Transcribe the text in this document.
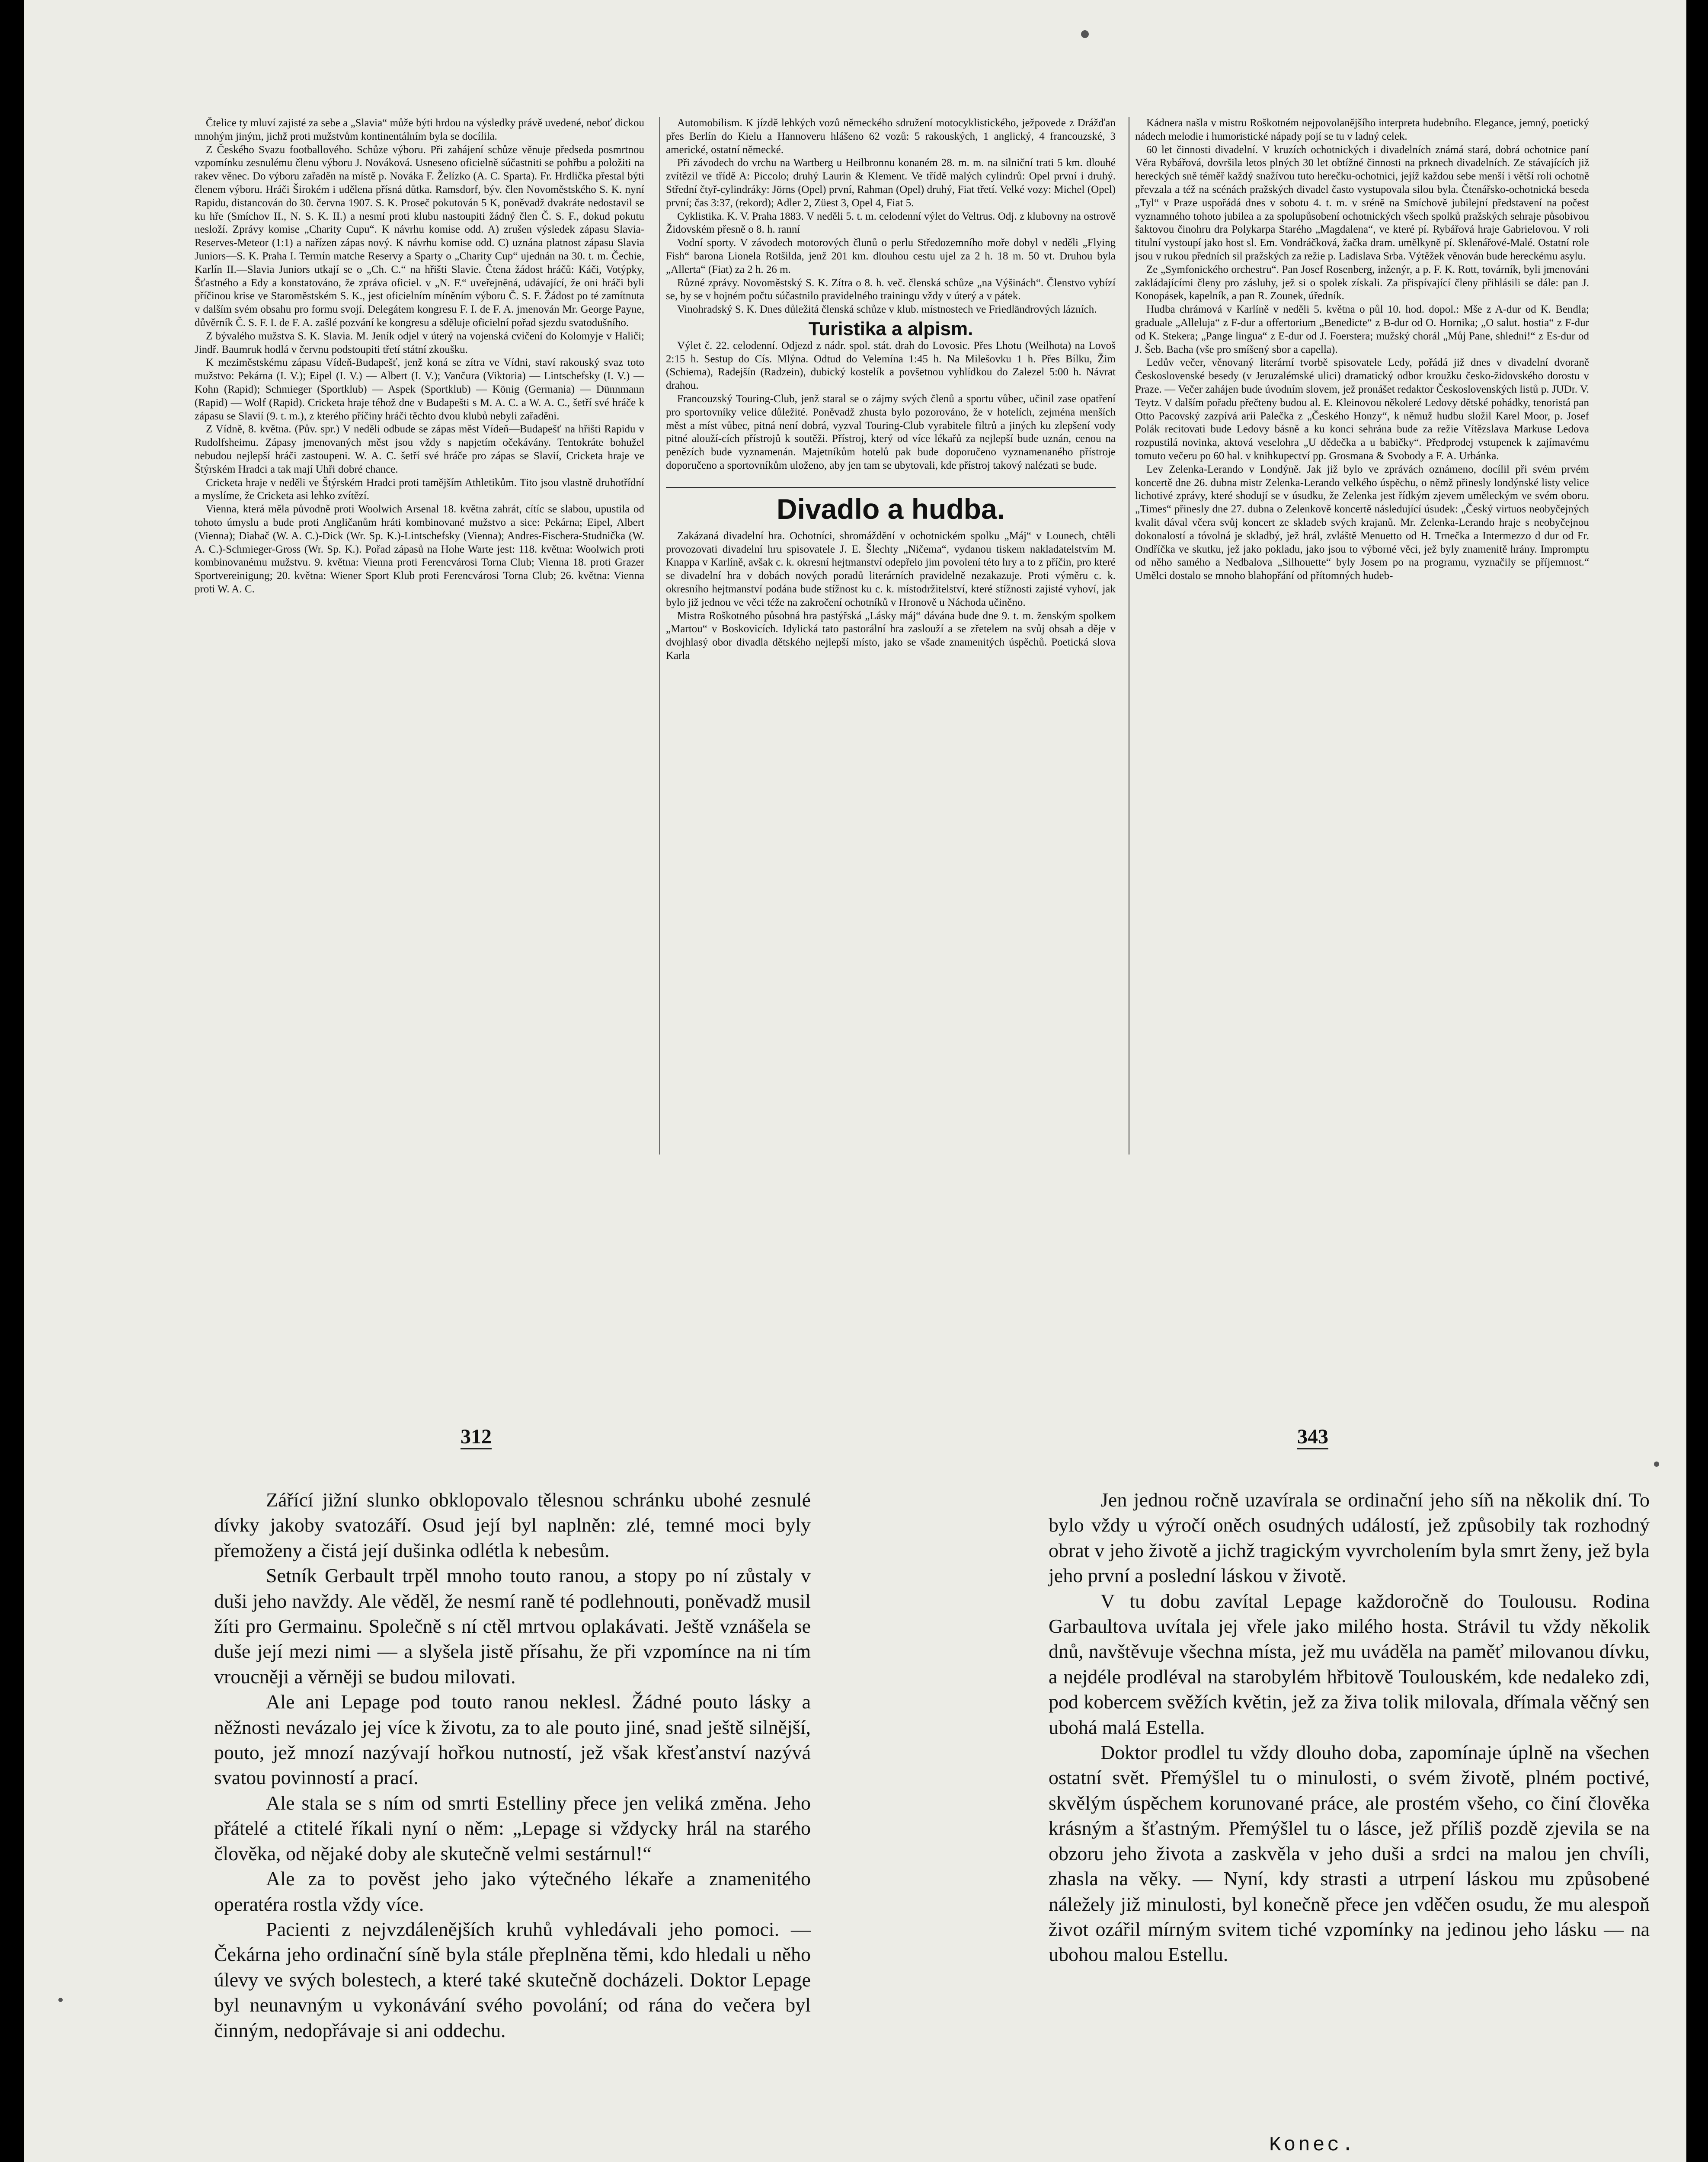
Čtelice ty mluví zajisté za sebe a „Slavia“ může býti hrdou na výsledky právě uvedené, neboť dickou mnohým jiným, jichž proti mužstvům kontinentálním byla se docílila.

Z Českého Svazu footballového. Schůze výboru. Při zahájení schůze věnuje předseda posmrtnou vzpomínku zesnulému členu výboru J. Nováková. Usneseno oficielně súčastniti se pohřbu a položiti na rakev věnec. Do výboru zařaděn na místě p. Nováka F. Želízko (A. C. Sparta). Fr. Hrdlička přestal býti členem výboru. Hráči Širokém i udělena přísná důtka. Ramsdorf, býv. člen Novoměstského S. K. nyní Rapidu, distancován do 30. června 1907. S. K. Proseč pokutován 5 K, poněvadž dvakráte nedostavil se ku hře (Smíchov II., N. S. K. II.) a nesmí proti klubu nastoupiti žádný člen Č. S. F., dokud pokutu nesloží. Zprávy komise „Charity Cupu“. K návrhu komise odd. A) zrušen výsledek zápasu Slavia-Reserves-Meteor (1:1) a nařízen zápas nový. K návrhu komise odd. C) uznána platnost zápasu Slavia Juniors—S. K. Praha I. Termín matche Reservy a Sparty o „Charity Cup“ ujednán na 30. t. m. Čechie, Karlín II.—Slavia Juniors utkají se o „Ch. C.“ na hřišti Slavie. Čtena žádost hráčů: Káči, Votýpky, Šťastného a Edy a konstatováno, že zpráva oficiel. v „N. F.“ uveřejněná, udávající, že oni hráči byli příčinou krise ve Staroměstském S. K., jest oficielním míněním výboru Č. S. F. Žádost po té zamítnuta v dalším svém obsahu pro formu svojí. Delegátem kongresu F. I. de F. A. jmenován Mr. George Payne, důvěrník Č. S. F. I. de F. A. zašlé pozvání ke kongresu a sděluje oficielní pořad sjezdu svatodušního.

Z bývalého mužstva S. K. Slavia. M. Jeník odjel v úterý na vojenská cvičení do Kolomyje v Haliči; Jindř. Baumruk hodlá v červnu podstoupiti třetí státní zkoušku.

K meziměstskému zápasu Vídeň-Budapešť, jenž koná se zítra ve Vídni, staví rakouský svaz toto mužstvo: Pekárna (I. V.); Eipel (I. V.) — Albert (I. V.); Vančura (Viktoria) — Lintschefsky (I. V.) — Kohn (Rapid); Schmieger (Sportklub) — Aspek (Sportklub) — König (Germania) — Dünnmann (Rapid) — Wolf (Rapid). Cricketa hraje téhož dne v Budapešti s M. A. C. a W. A. C., šetří své hráče k zápasu se Slavií (9. t. m.), z kterého příčiny hráči těchto dvou klubů nebyli zařaděni.

Z Vídně, 8. května. (Pův. spr.) V neděli odbude se zápas měst Vídeň—Budapešť na hřišti Rapidu v Rudolfsheimu. Zápasy jmenovaných měst jsou vždy s napjetím očekávány. Tentokráte bohužel nebudou nejlepší hráči zastoupeni. W. A. C. šetří své hráče pro zápas se Slavií, Cricketa hraje ve Štýrském Hradci a tak mají Uhři dobré chance.

Cricketa hraje v neděli ve Štýrském Hradci proti tamějším Athletikům. Tito jsou vlastně druhotřídní a myslíme, že Cricketa asi lehko zvítězí.

Vienna, která měla původně proti Woolwich Arsenal 18. května zahrát, cítíc se slabou, upustila od tohoto úmyslu a bude proti Angličanům hráti kombinované mužstvo a sice: Pekárna; Eipel, Albert (Vienna); Diabač (W. A. C.)-Dick (Wr. Sp. K.)-Lintschefsky (Vienna); Andres-Fischera-Studnička (W. A. C.)-Schmieger-Gross (Wr. Sp. K.). Pořad zápasů na Hohe Warte jest: 118. května: Woolwich proti kombinovanému mužstvu. 9. května: Vienna proti Ferencvárosi Torna Club; Vienna 18. proti Grazer Sportvereinigung; 20. května: Wiener Sport Klub proti Ferencvárosi Torna Club; 26. května: Vienna proti W. A. C.

Automobilism. K jízdě lehkých vozů německého sdružení motocyklistického, ježpovede z Drážďan přes Berlín do Kielu a Hannoveru hlášeno 62 vozů: 5 rakouských, 1 anglický, 4 francouzské, 3 americké, ostatní německé.

Při závodech do vrchu na Wartberg u Heilbronnu konaném 28. m. m. na silniční trati 5 km. dlouhé zvítězil ve třídě A: Piccolo; druhý Laurin & Klement. Ve třídě malých cylindrů: Opel první i druhý. Střední čtyř-cylindráky: Jörns (Opel) první, Rahman (Opel) druhý, Fiat třetí. Velké vozy: Michel (Opel) první; čas 3:37, (rekord); Adler 2, Züest 3, Opel 4, Fiat 5.

Cyklistika. K. V. Praha 1883. V neděli 5. t. m. celodenní výlet do Veltrus. Odj. z klubovny na ostrově Židovském přesně o 8. h. ranní

Vodní sporty. V závodech motorových člunů o perlu Středozemního moře dobyl v neděli „Flying Fish“ barona Lionela Rotšilda, jenž 201 km. dlouhou cestu ujel za 2 h. 18 m. 50 vt. Druhou byla „Allerta“ (Fiat) za 2 h. 26 m.

Různé zprávy. Novoměstský S. K. Zítra o 8. h. več. členská schůze „na Výšinách“. Členstvo vybízí se, by se v hojném počtu súčastnilo pravidelného trainingu vždy v úterý a v pátek.

Vinohradský S. K. Dnes důležitá členská schůze v klub. místnostech ve Friedländrových lázních.

Turistika a alpism.

Výlet č. 22. celodenní. Odjezd z nádr. spol. stát. drah do Lovosic. Přes Lhotu (Weilhota) na Lovoš 2:15 h. Sestup do Cís. Mlýna. Odtud do Velemína 1:45 h. Na Milešovku 1 h. Přes Bílku, Žim (Schiema), Radejšín (Radzein), dubický kostelík a povšetnou vyhlídkou do Zalezel 5:00 h. Návrat drahou.

Francouzský Touring-Club, jenž staral se o zájmy svých členů a sportu vůbec, učinil zase opatření pro sportovníky velice důležité. Poněvadž zhusta bylo pozorováno, že v hotelích, zejména menších měst a míst vůbec, pitná není dobrá, vyzval Touring-Club vyrabitele filtrů a jiných ku zlepšení vody pitné alouží-cích přístrojů k soutěži. Přístroj, který od více lékařů za nejlepší bude uznán, cenou na penězích bude vyznamenán. Majetníkům hotelů pak bude doporučeno vyznamenaného přístroje doporučeno a sportovníkům uloženo, aby jen tam se ubytovali, kde přístroj takový nalézati se bude.

Divadlo a hudba.

Zakázaná divadelní hra. Ochotníci, shromáždění v ochotnickém spolku „Máj“ v Lounech, chtěli provozovati divadelní hru spisovatele J. E. Šlechty „Ničema“, vydanou tiskem nakladatelstvím M. Knappa v Karlíně, avšak c. k. okresní hejtmanství odepřelo jim povolení této hry a to z příčin, pro které se divadelní hra v dobách nových poradů literárních pravidelně nezakazuje. Proti výměru c. k. okresního hejtmanství podána bude stížnost ku c. k. místodržitelství, které stížnosti zajisté vyhoví, jak bylo již jednou ve věci téže na zakročení ochotníků v Hronově u Náchoda učiněno.

Mistra Roškotného působná hra pastýřská „Lásky máj“ dávána bude dne 9. t. m. ženským spolkem „Martou“ v Boskovicích. Idylická tato pastorální hra zaslouží a se zřetelem na svůj obsah a děje v dvojhlasý obor divadla dětského nejlepší místo, jako se všade znamenitých úspěchů. Poetická slova Karla

Kádnera našla v mistru Roškotném nejpovolanějšího interpreta hudebního. Elegance, jemný, poetický nádech melodie i humoristické nápady pojí se tu v ladný celek.

60 let činnosti divadelní. V kruzích ochotnických i divadelních známá stará, dobrá ochotnice paní Věra Rybářová, dovršila letos plných 30 let obtížné činnosti na prknech divadelních. Ze stávajících již hereckých sně téměř každý snažívou tuto herečku-ochotnici, jejíž každou sebe menší i větší roli ochotně převzala a též na scénách pražských divadel často vystupovala silou byla. Čtenářsko-ochotnická beseda „Tyl“ v Praze uspořádá dnes v sobotu 4. t. m. v sréně na Smíchově jubilejní představení na počest vyznamného tohoto jubilea a za spolupůsobení ochotnických všech spolků pražských sehraje působivou šaktovou činohru dra Polykarpa Starého „Magdalena“, ve které pí. Rybářová hraje Gabrielovou. V roli titulní vystoupí jako host sl. Em. Vondráčková, žačka dram. umělkyně pí. Sklenářové-Malé. Ostatní role jsou v rukou předních sil pražských za režie p. Ladislava Srba. Výtěžek věnován bude hereckému asylu.

Ze „Symfonického orchestru“. Pan Josef Rosenberg, inženýr, a p. F. K. Rott, továrník, byli jmenováni zakládajícími členy pro zásluhy, jež si o spolek získali. Za přispívající členy přihlásili se dále: pan J. Konopásek, kapelník, a pan R. Zounek, úředník.

Hudba chrámová v Karlíně v neděli 5. května o půl 10. hod. dopol.: Mše z A-dur od K. Bendla; graduale „Alleluja“ z F-dur a offertorium „Benedicte“ z B-dur od O. Hornika; „O salut. hostia“ z F-dur od K. Stekera; „Pange lingua“ z E-dur od J. Foerstera; mužský chorál „Můj Pane, shledni!“ z Es-dur od J. Šeb. Bacha (vše pro smíšený sbor a capella).

Ledův večer, věnovaný literární tvorbě spisovatele Ledy, pořádá již dnes v divadelní dvoraně Československé besedy (v Jeruzalémské ulici) dramatický odbor kroužku česko-židovského dorostu v Praze. — Večer zahájen bude úvodním slovem, jež pronášet redaktor Československých listů p. JUDr. V. Teytz. V dalším pořadu přečteny budou al. E. Kleinovou několeré Ledovy dětské pohádky, tenoristá pan Otto Pacovský zazpívá arii Palečka z „Českého Honzy“, k němuž hudbu složil Karel Moor, p. Josef Polák recitovati bude Ledovy básně a ku konci sehrána bude za režie Vítězslava Markuse Ledova rozpustilá novinka, aktová veselohra „U dědečka a u babičky“. Předprodej vstupenek k zajímavému tomuto večeru po 60 hal. v knihkupectví pp. Grosmana & Svobody a F. A. Urbánka.

Lev Zelenka-Lerando v Londýně. Jak již bylo ve zprávách oznámeno, docílil při svém prvém koncertě dne 26. dubna mistr Zelenka-Lerando velkého úspěchu, o němž přinesly londýnské listy velice lichotivé zprávy, které shodují se v úsudku, že Zelenka jest řídkým zjevem uměleckým ve svém oboru. „Times“ přinesly dne 27. dubna o Zelenkově koncertě následující úsudek: „Český virtuos neobyčejných kvalit dával včera svůj koncert ze skladeb svých krajanů. Mr. Zelenka-Lerando hraje s neobyčejnou dokonalostí a tóvolná je skladbý, jež hrál, zvláště Menuetto od H. Trnečka a Intermezzo d dur od Fr. Ondříčka ve skutku, jež jako pokladu, jako jsou to výborné věci, jež byly znamenitě hrány. Impromptu od něho samého a Nedbalova „Silhouette“ byly Josem po na programu, vyznačily se příjemnost.“ Umělci dostalo se mnoho blahopřání od přítomných hudeb-

312	343

Zářící jižní slunko obklopovalo tělesnou schránku ubohé zesnulé dívky jakoby svatozáří. Osud její byl naplněn: zlé, temné moci byly přemoženy a čistá její dušinka odlétla k nebesům.

Setník Gerbault trpěl mnoho touto ranou, a stopy po ní zůstaly v duši jeho navždy. Ale věděl, že nesmí raně té podlehnouti, poněvadž musil žíti pro Germainu. Společně s ní ctěl mrtvou oplakávati. Ještě vznášela se duše její mezi nimi — a slyšela jistě přísahu, že při vzpomínce na ni tím vroucněji a věrněji se budou milovati.

Ale ani Lepage pod touto ranou neklesl. Žádné pouto lásky a něžnosti nevázalo jej více k životu, za to ale pouto jiné, snad ještě silnější, pouto, jež mnozí nazývají hořkou nutností, jež však křesťanství nazývá svatou povinností a prací.

Ale stala se s ním od smrti Estelliny přece jen veliká změna. Jeho přátelé a ctitelé říkali nyní o něm: „Lepage si vždycky hrál na starého člověka, od nějaké doby ale skutečně velmi sestárnul!“

Ale za to pověst jeho jako výtečného lékaře a znamenitého operatéra rostla vždy více.

Pacienti z nejvzdálenějších kruhů vyhledávali jeho pomoci. — Čekárna jeho ordinační síně byla stále přeplněna těmi, kdo hledali u něho úlevy ve svých bolestech, a které také skutečně docházeli. Doktor Lepage byl neunavným u vykonávání svého povolání; od rána do večera byl činným, nedopřávaje si ani oddechu.

Jen jednou ročně uzavírala se ordinační jeho síň na několik dní. To bylo vždy u výročí oněch osudných událostí, jež způsobily tak rozhodný obrat v jeho životě a jichž tragickým vyvrcholením byla smrt ženy, jež byla jeho první a poslední láskou v životě.

V tu dobu zavítal Lepage každoročně do Toulousu. Rodina Garbaultova uvítala jej vřele jako milého hosta. Strávil tu vždy několik dnů, navštěvuje všechna místa, jež mu uváděla na paměť milovanou dívku, a nejdéle prodléval na starobylém hřbitově Toulouském, kde nedaleko zdi, pod kobercem svěžích květin, jež za živa tolik milovala, dřímala věčný sen ubohá malá Estella.

Doktor prodlel tu vždy dlouho doba, zapomínaje úplně na všechen ostatní svět. Přemýšlel tu o minulosti, o svém životě, plném poctivé, skvělým úspěchem korunované práce, ale prostém všeho, co činí člověka krásným a šťastným. Přemýšlel tu o lásce, jež příliš pozdě zjevila se na obzoru jeho života a zaskvěla v jeho duši a srdci na malou jen chvíli, zhasla na věky. — Nyní, kdy strasti a utrpení láskou mu způsobené náležely již minulosti, byl konečně přece jen vděčen osudu, že mu alespoň život ozářil mírným svitem tiché vzpomínky na jedinou jeho lásku — na ubohou malou Estellu.

Konec.
